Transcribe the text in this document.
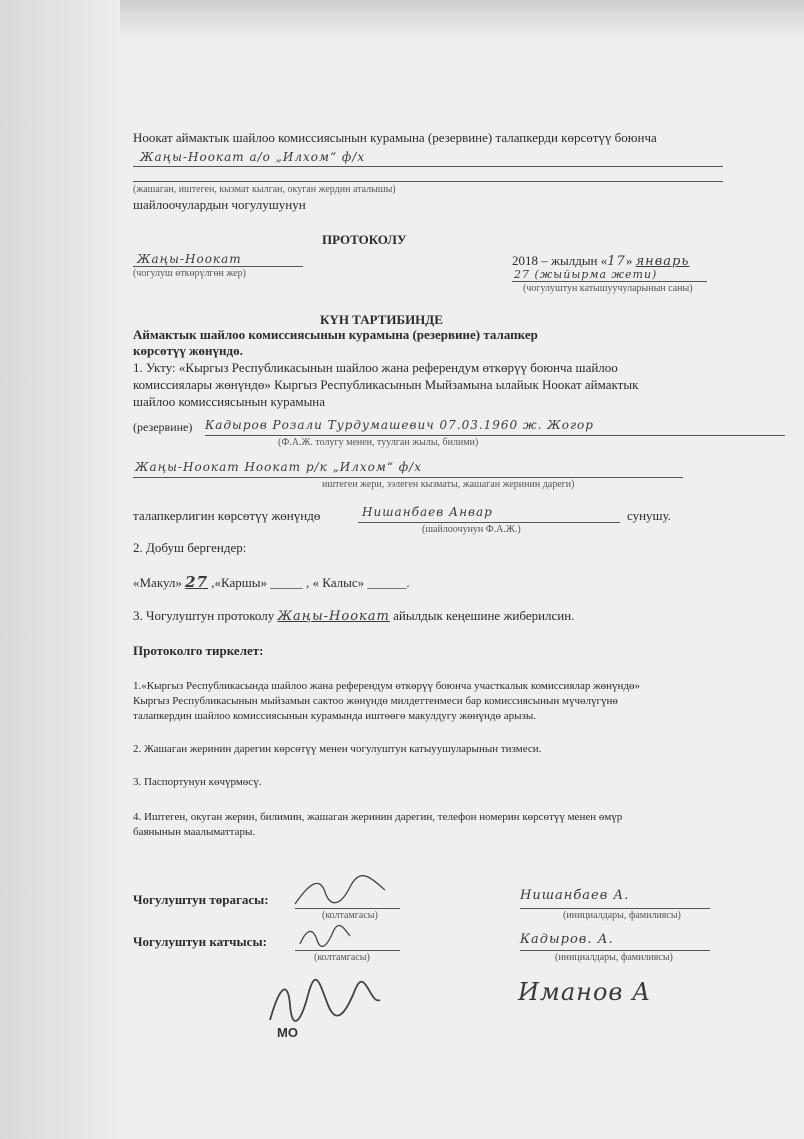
Ноокат аймактык шайлоо комиссиясынын курамына (резервине) талапкерди көрсөтүү боюнча
Жаңы-Ноокат а/о „Илхом“ ф/х
(жашаган, иштеген, кызмат кылган, окуган жердин аталышы)
шайлоочулардын чогулушунун
ПРОТОКОЛУ
Жаңы-Ноокат
(чогулуш өткөрүлгөн жер)
2018 – жылдын «17» январь
27 (жыйырма жети)
(чогулуштун катышуучуларынын саны)
КҮН ТАРТИБИНДЕ
Аймактык шайлоо комиссиясынын курамына (резервине) талапкер
көрсөтүү жөнүндө.
1. Укту: «Кыргыз Республикасынын шайлоо жана референдум өткөрүү боюнча шайлоо
комиссиялары жөнүндө» Кыргыз Республикасынын Мыйзамына ылайык Ноокат аймактык
шайлоо комиссиясынын курамына
(резервине) Кадыров Розали Турдумашевич 07.03.1960 ж. Жогор
(Ф.А.Ж. толугу менен, туулган жылы, билими)
Жаңы-Ноокат Ноокат р/к „Илхом“ ф/х
иштеген жери, ээлеген кызматы, жашаган жеринин дареги)
талапкерлигин көрсөтүү жөнүндө	Нишанбаев Анвар	сунушу.
(шайлоочунун Ф.А.Ж.)
2. Добуш бергендер:
«Макул» 27 ,«Каршы» _____ , « Калыс» ______.
3. Чогулуштун протоколу Жаңы-Ноокат айылдык кеңешине жиберилсин.
Протоколго тиркелет:
1.«Кыргыз Республикасында шайлоо жана референдум өткөрүү боюнча участкалык комиссиялар жөнүндө»
Кыргыз Республикасынын мыйзамын сактоо жөнүндө милдеттенмеси бар комиссиясынын мүчөлүгүнө
талапкердин шайлоо комиссиясынын курамында иштөөгө макулдугу жөнүндө арызы.
2. Жашаган жеринин дарегин көрсөтүү менен чогулуштун катыуушуларынын тизмеси.
3. Паспортунун көчүрмөсү.
4. Иштеген, окуган жерин, билимин, жашаган жеринин дарегин, телефон номерин көрсөтүү менен өмүр
баянынын маалыматтары.
Чогулуштун төрагасы:
(колтамгасы)
Нишанбаев А.
(инициалдары, фамилиясы)
Чогулуштун катчысы:
(колтамгасы)
Кадыров. А.
(инициалдары, фамилиясы)
Иманов А
МО
